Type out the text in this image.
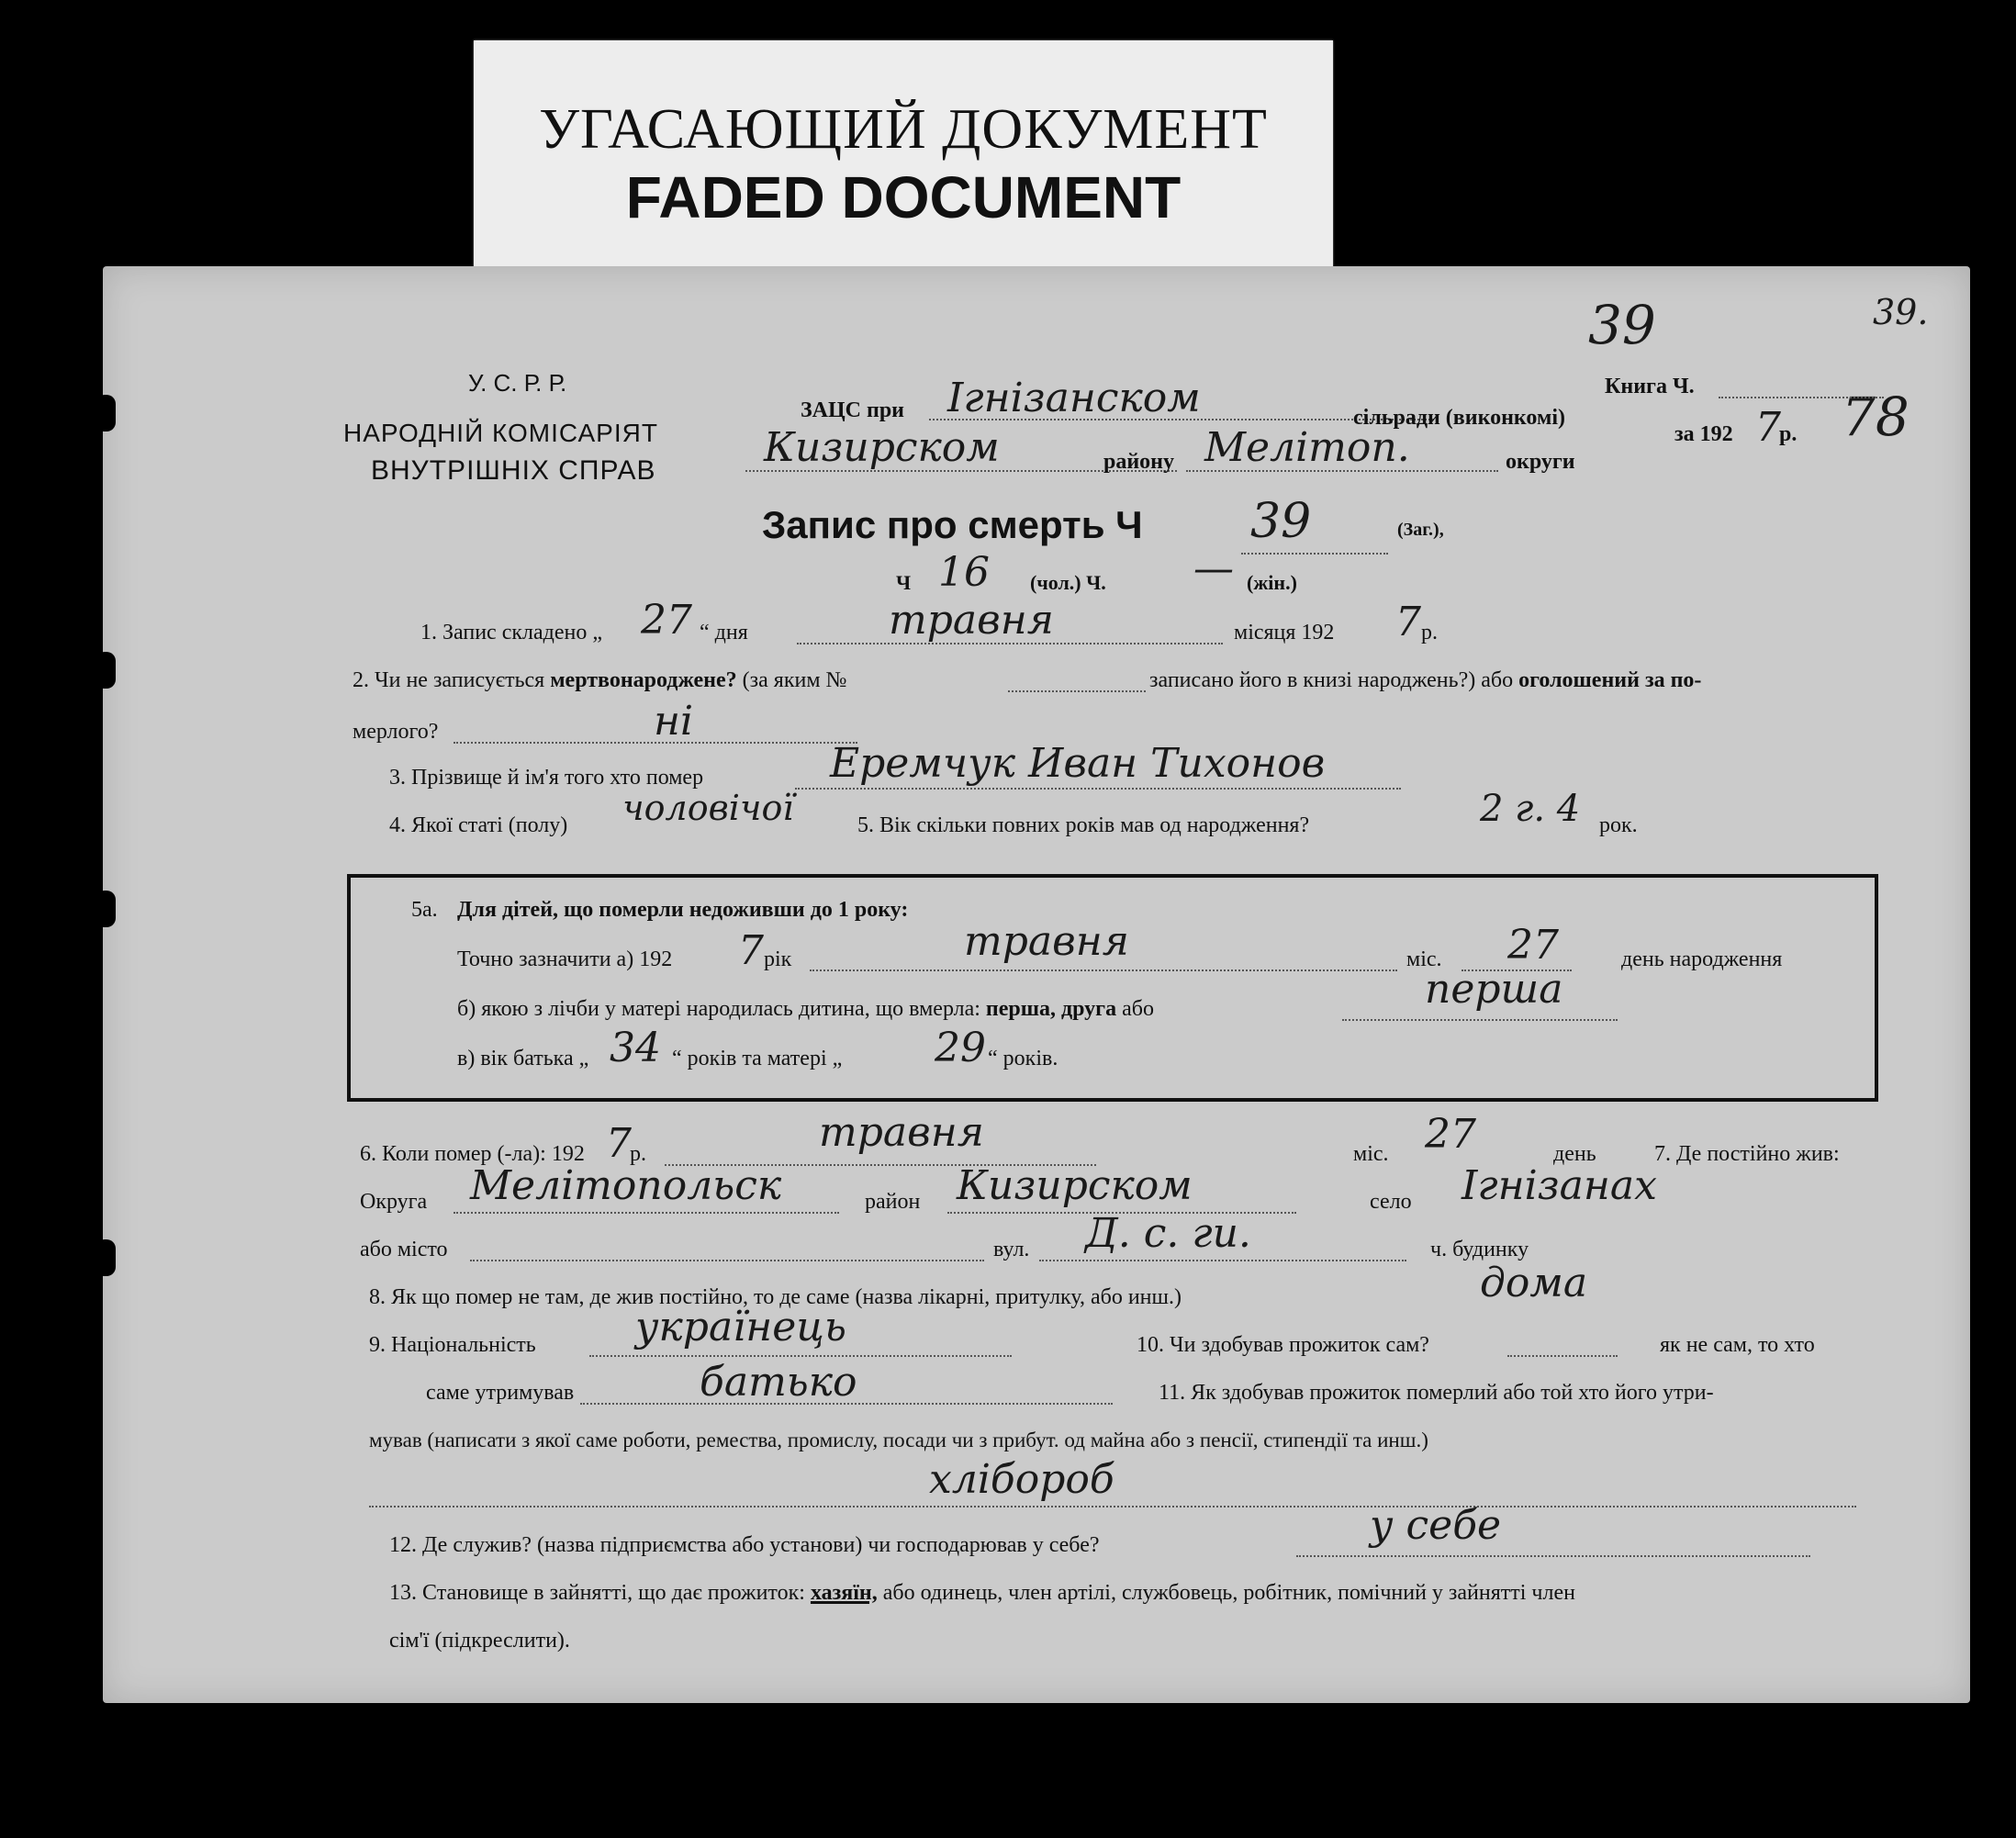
УГАСАЮЩИЙ ДОКУМЕНТ
FADED DOCUMENT
39	39.
78
У. С. Р. Р.
НАРОДНІЙ КОМІСАРІЯТ
ВНУТРІШНІХ СПРАВ
ЗАЦС при Ігнізанском	сільради (виконкомі)
Книга Ч.
Кизирском	району Мелітоп.	округи
за 192 7
р.
Запис про смерть Ч 39	(Заг.),
Ч 16 (чол.) Ч. — (жін.)
1. Запис складено „ 27 “ дня	травня	місяця 192 7 р.
2. Чи не записується мертвонароджене? (за яким №	записано його в книзі народжень?) або оголошений за по-
мерлого?	ні
3. Прізвище й ім'я того хто помер	Еремчук Иван Тихонов
4. Якої статі (полу) чоловічої	5. Вік скільки повних років мав од народження?	2 г. 4 рок.
5а. Для дітей, що померли недоживши до 1 року:
Точно зазначити а) 192 7 рік	травня	міс. 27	день народження
б) якою з лічби у матері народилась дитина, що вмерла: перша, друга або	перша
в) вік батька „ 34 “ років та матері „ 29 “ років.
6. Коли помер (-ла): 192 7
р.	травня	міс. 27	день	7. Де постійно жив:
Округа Мелітопольск	район Кизирском	село Ігнізанах
або місто	вул. Д. с. ги.	ч. будинку
8. Як що помер не там, де жив постійно, то де саме (назва лікарні, притулку, або инш.)	дома
9. Національність українець	10. Чи здобував прожиток сам?	як не сам, то хто
саме утримував	батько	11. Як здобував прожиток померлий або той хто його утри-
мував (написати з якої саме роботи, ремества, промислу, посади чи з прибут. од майна або з пенсії, стипендії та инш.)
хлібороб
12. Де служив? (назва підприємства або установи) чи господарював у себе?	у себе
13. Становище в зайнятті, що дає прожиток: хазяїн, або одинець, член артілі, службовець, робітник, помічний у зайнятті член
сім'ї (підкреслити).
